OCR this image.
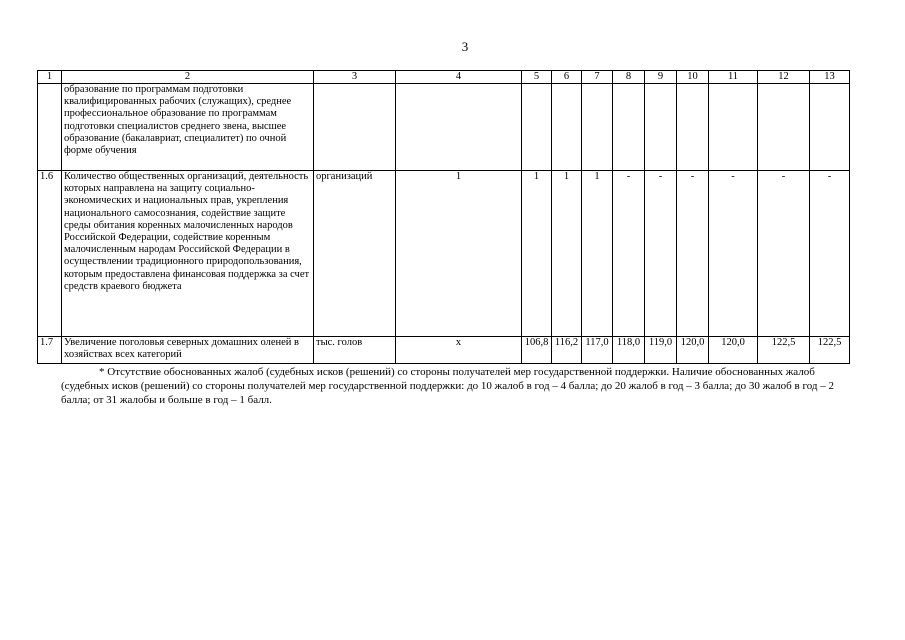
3
1	2	3	4	5	6	7	8	9	10	11	12	13
	образование по программам подготовки квалифицированных рабочих (служащих), среднее профессиональное образование по программам подготовки специалистов среднего звена, высшее образование (бакалавриат, специалитет) по очной форме обучения											
1.6	Количество общественных организаций, деятельность которых направлена на защиту социально-экономических и национальных прав, укрепления национального самосознания, содействие защите среды обитания коренных малочисленных народов Российской Федерации, содействие коренным малочисленным народам Российской Федерации в осуществлении традиционного природопользования, которым предоставлена финансовая поддержка за счет средств краевого бюджета	организаций	1	1	1	1	-	-	-	-	-	-
1.7	Увеличение поголовья северных домашних оленей в хозяйствах всех категорий	тыс. голов	х	106,8	116,2	117,0	118,0	119,0	120,0	120,0	122,5	122,5
* Отсутствие обоснованных жалоб (судебных исков (решений) со стороны получателей мер государственной поддержки. Наличие обоснованных жалоб (судебных исков (решений) со стороны получателей мер государственной поддержки: до 10 жалоб в год – 4 балла; до 20 жалоб в год – 3 балла; до 30 жалоб в год – 2 балла; от 31 жалобы и больше в год – 1 балл.
